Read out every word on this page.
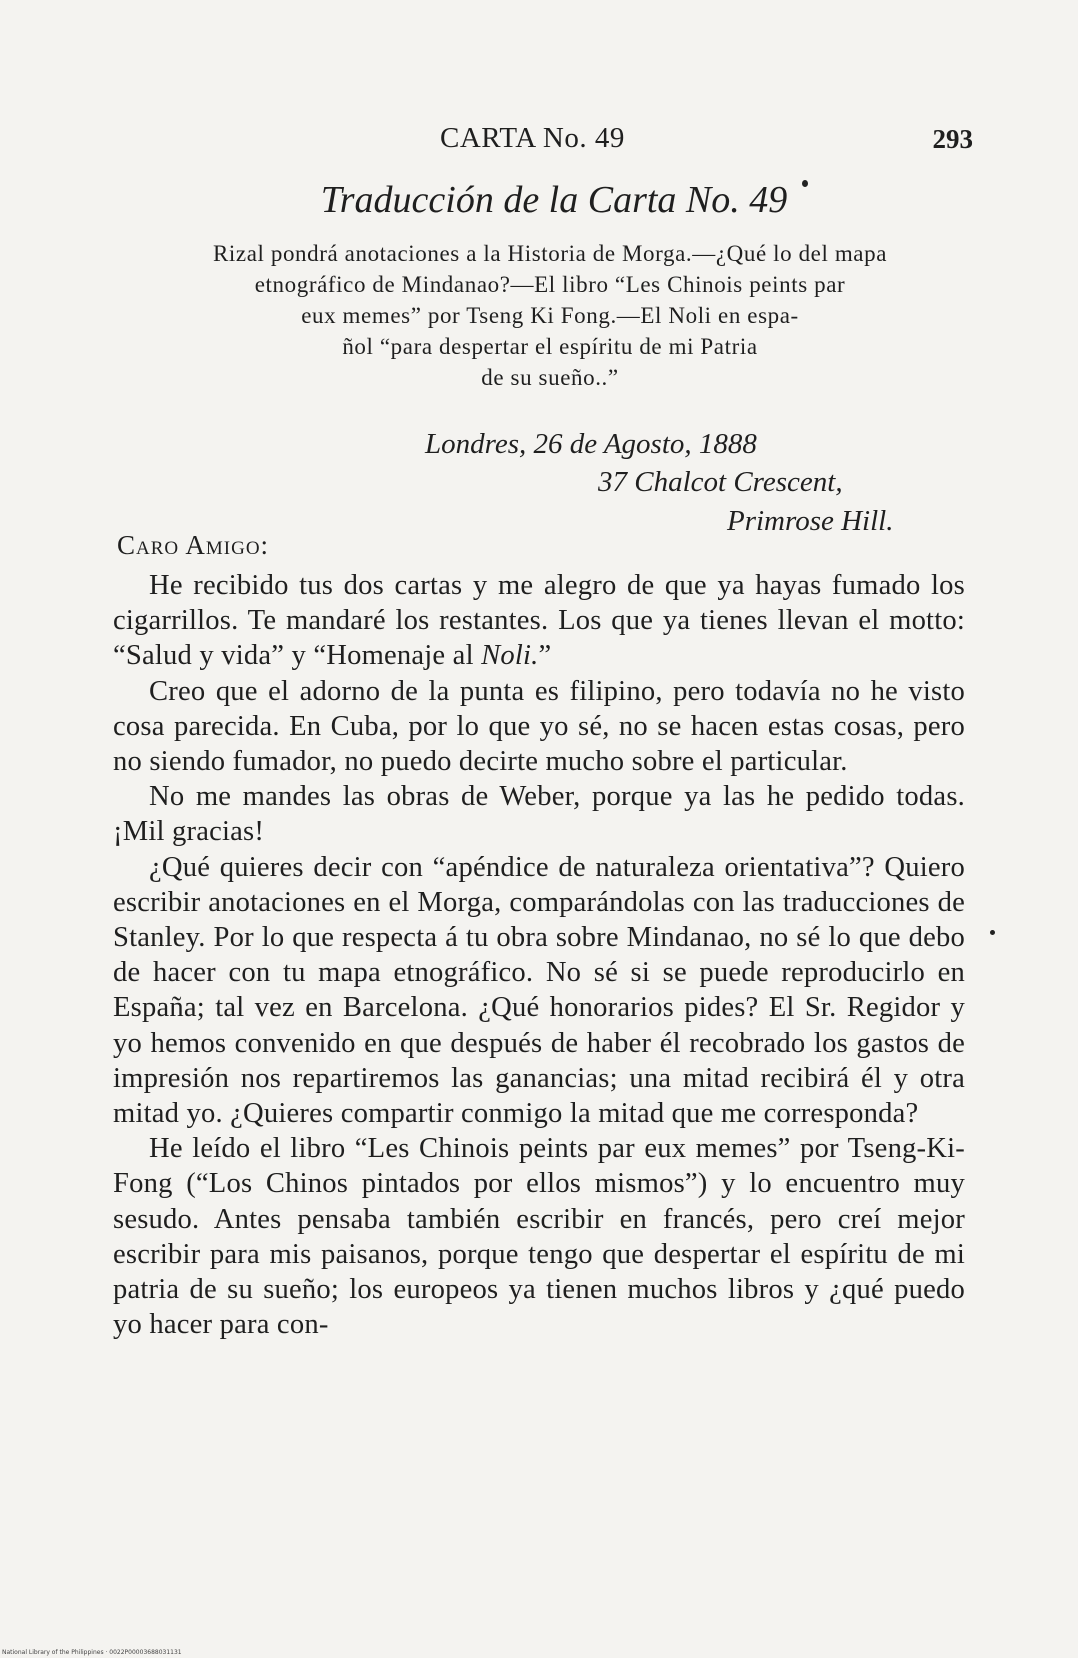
CARTA No. 49	293
Traducción de la Carta No. 49
Rizal pondrá anotaciones a la Historia de Morga.—¿Qué lo del mapa
etnográfico de Mindanao?—El libro “Les Chinois peints par
eux memes” por Tseng Ki Fong.—El Noli en espa-
ñol “para despertar el espíritu de mi Patria
de su sueño..”
Londres, 26 de Agosto, 1888
37 Chalcot Crescent,
Primrose Hill.
Caro Amigo:

He recibido tus dos cartas y me alegro de que ya hayas fumado los cigarrillos. Te mandaré los restantes. Los que ya tienes llevan el motto: “Salud y vida” y “Homenaje al Noli.”

Creo que el adorno de la punta es filipino, pero todavía no he visto cosa parecida. En Cuba, por lo que yo sé, no se hacen estas cosas, pero no siendo fumador, no puedo decirte mucho sobre el particular.

No me mandes las obras de Weber, porque ya las he pedido todas. ¡Mil gracias!

¿Qué quieres decir con “apéndice de naturaleza orientativa”? Quiero escribir anotaciones en el Morga, comparándolas con las traducciones de Stanley. Por lo que respecta á tu obra sobre Mindanao, no sé lo que debo de hacer con tu mapa etnográfico. No sé si se puede reproducirlo en España; tal vez en Barcelona. ¿Qué honorarios pides? El Sr. Regidor y yo hemos convenido en que después de haber él recobrado los gastos de impresión nos repartiremos las ganancias; una mitad recibirá él y otra mitad yo. ¿Quieres compartir conmigo la mitad que me corresponda?

He leído el libro “Les Chinois peints par eux memes” por Tseng-Ki-Fong (“Los Chinos pintados por ellos mismos”) y lo encuentro muy sesudo. Antes pensaba también escribir en francés, pero creí mejor escribir para mis paisanos, porque tengo que despertar el espíritu de mi patria de su sueño; los europeos ya tienen muchos libros y ¿qué puedo yo hacer para con-

National Library of the Philippines · 0022P00003688031131
